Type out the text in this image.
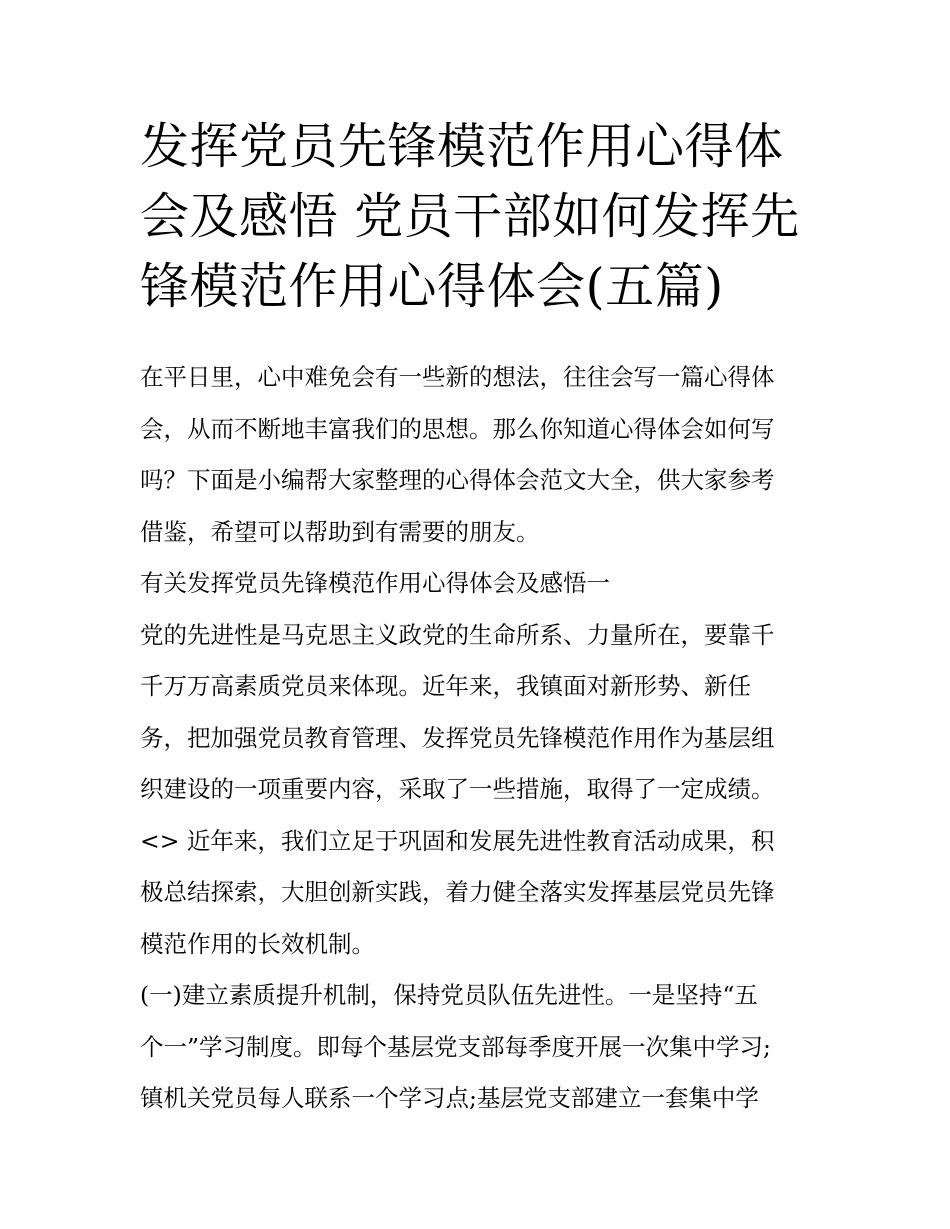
发挥党员先锋模范作用心得体
会及感悟 党员干部如何发挥先
锋模范作用心得体会(五篇)
在平日里，心中难免会有一些新的想法，往往会写一篇心得体
会，从而不断地丰富我们的思想。那么你知道心得体会如何写
吗？下面是小编帮大家整理的心得体会范文大全，供大家参考
借鉴，希望可以帮助到有需要的朋友。
有关发挥党员先锋模范作用心得体会及感悟一
党的先进性是马克思主义政党的生命所系、力量所在，要靠千
千万万高素质党员来体现。近年来，我镇面对新形势、新任
务，把加强党员教育管理、发挥党员先锋模范作用作为基层组
织建设的一项重要内容，采取了一些措施，取得了一定成绩。
<> 近年来，我们立足于巩固和发展先进性教育活动成果，积
极总结探索，大胆创新实践，着力健全落实发挥基层党员先锋
模范作用的长效机制。
(一)建立素质提升机制，保持党员队伍先进性。一是坚持“五
个一”学习制度。即每个基层党支部每季度开展一次集中学习;
镇机关党员每人联系一个学习点;基层党支部建立一套集中学
